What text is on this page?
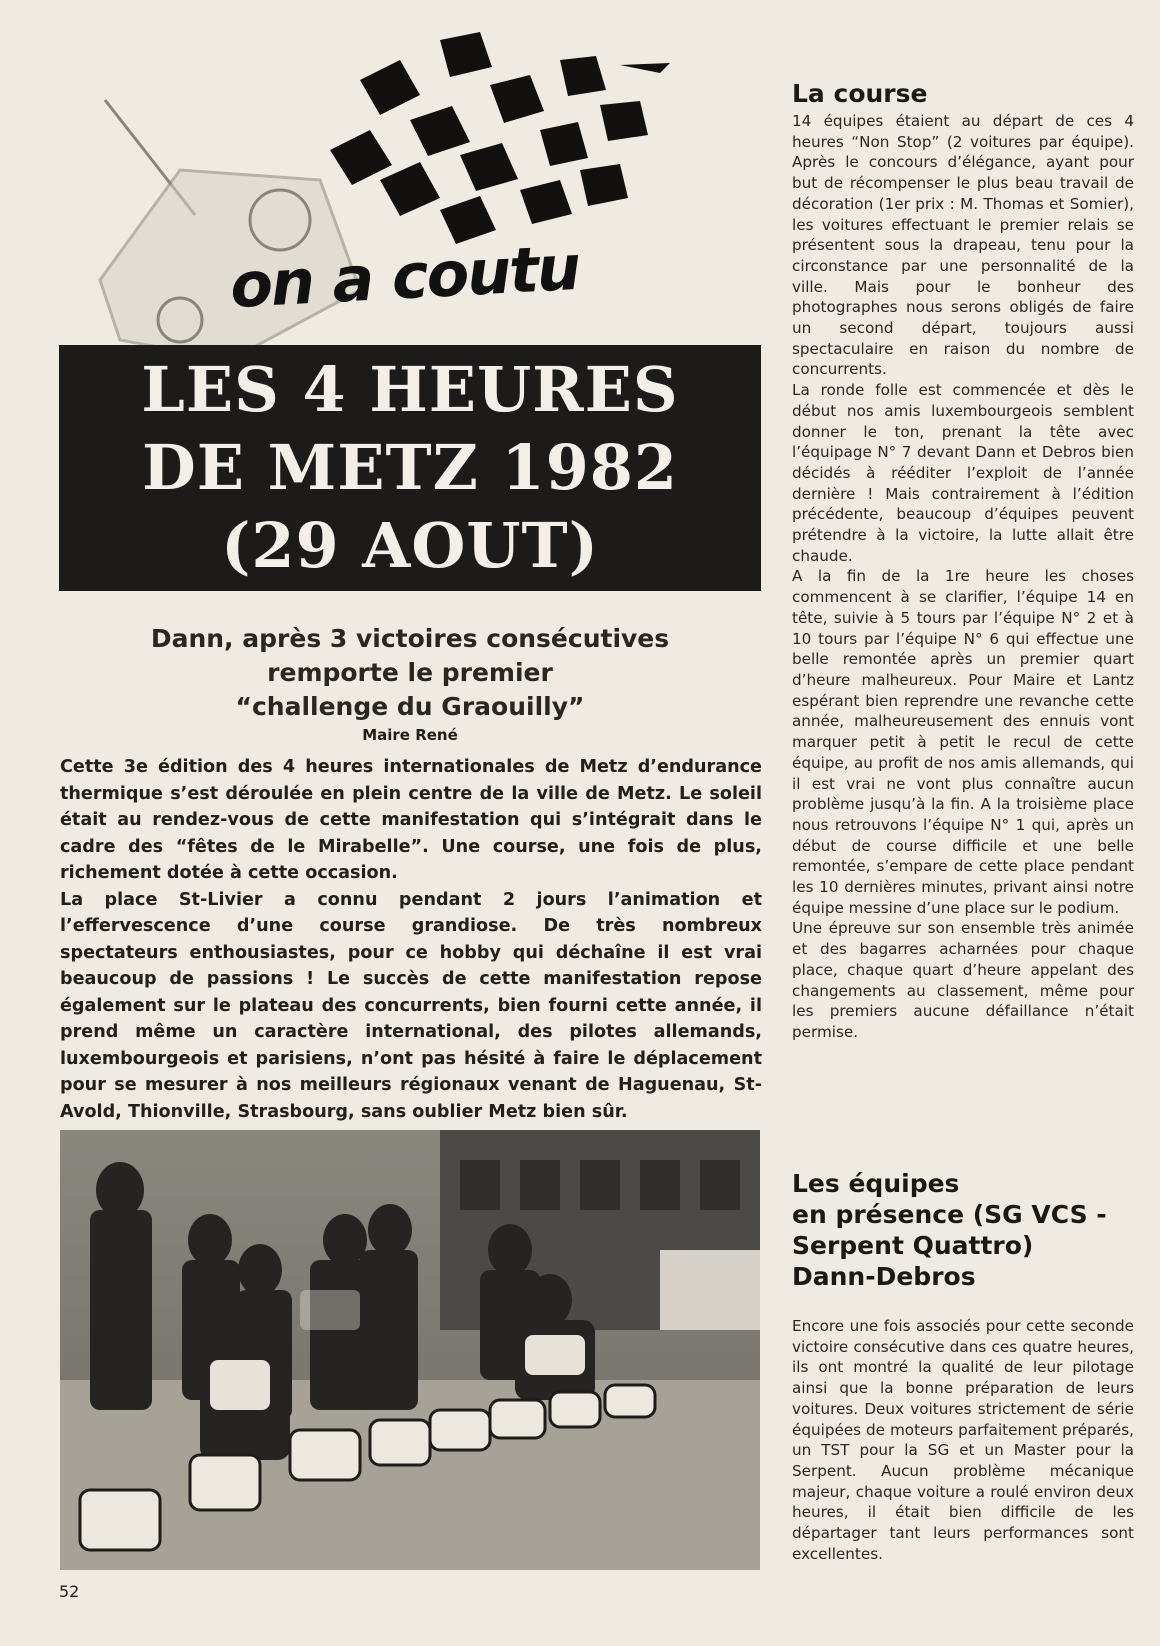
on a coutu
LES 4 HEURES
DE METZ 1982
(29 AOUT)
Dann, après 3 victoires consécutives
remporte le premier
“challenge du Graouilly”
Maire René

Cette 3e édition des 4 heures internationales de Metz d’endurance thermique s’est déroulée en plein centre de la ville de Metz. Le soleil était au rendez-vous de cette manifestation qui s’intégrait dans le cadre des “fêtes de le Mirabelle”. Une course, une fois de plus, richement dotée à cette occasion.

La place St-Livier a connu pendant 2 jours l’animation et l’effervescence d’une course grandiose. De très nombreux spectateurs enthousiastes, pour ce hobby qui déchaîne il est vrai beaucoup de passions ! Le succès de cette manifestation repose également sur le plateau des concurrents, bien fourni cette année, il prend même un caractère international, des pilotes allemands, luxembourgeois et parisiens, n’ont pas hésité à faire le déplacement pour se mesurer à nos meilleurs régionaux venant de Haguenau, St-Avold, Thionville, Strasbourg, sans oublier Metz bien sûr.

52
La course

14 équipes étaient au départ de ces 4 heures “Non Stop” (2 voitures par équipe). Après le concours d’élégance, ayant pour but de récompenser le plus beau travail de décoration (1er prix : M. Thomas et Somier), les voitures effectuant le premier relais se présentent sous la drapeau, tenu pour la circonstance par une personnalité de la ville. Mais pour le bonheur des photographes nous serons obligés de faire un second départ, toujours aussi spectaculaire en raison du nombre de concurrents.

La ronde folle est commencée et dès le début nos amis luxembourgeois semblent donner le ton, prenant la tête avec l’équipage N° 7 devant Dann et Debros bien décidés à rééditer l’exploit de l’année dernière ! Mais contrairement à l’édition précédente, beaucoup d’équipes peuvent prétendre à la victoire, la lutte allait être chaude.

A la fin de la 1re heure les choses commencent à se clarifier, l’équipe 14 en tête, suivie à 5 tours par l’équipe N° 2 et à 10 tours par l’équipe N° 6 qui effectue une belle remontée après un premier quart d’heure malheureux. Pour Maire et Lantz espérant bien reprendre une revanche cette année, malheureusement des ennuis vont marquer petit à petit le recul de cette équipe, au profit de nos amis allemands, qui il est vrai ne vont plus connaître aucun problème jusqu’à la fin. A la troisième place nous retrouvons l’équipe N° 1 qui, après un début de course difficile et une belle remontée, s’empare de cette place pendant les 10 dernières minutes, privant ainsi notre équipe messine d’une place sur le podium.

Une épreuve sur son ensemble très animée et des bagarres acharnées pour chaque place, chaque quart d’heure appelant des changements au classement, même pour les premiers aucune défaillance n’était permise.

Les équipes
en présence (SG VCS -
Serpent Quattro)
Dann-Debros

Encore une fois associés pour cette seconde victoire consécutive dans ces quatre heures, ils ont montré la qualité de leur pilotage ainsi que la bonne préparation de leurs voitures. Deux voitures strictement de série équipées de moteurs parfaitement préparés, un TST pour la SG et un Master pour la Serpent. Aucun problème mécanique majeur, chaque voiture a roulé environ deux heures, il était bien difficile de les départager tant leurs performances sont excellentes.
